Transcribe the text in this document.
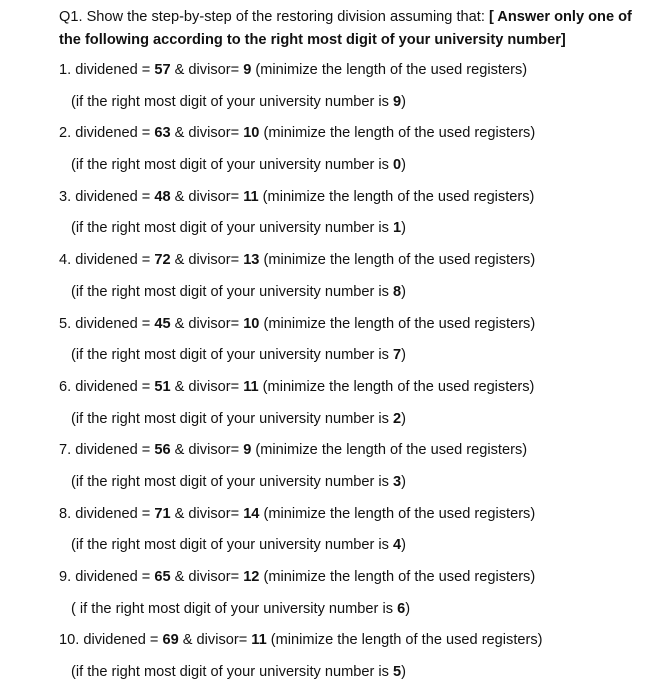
Q1. Show the step-by-step of the restoring division assuming that: [ Answer only one of the following according to the right most digit of your university number]

1. dividened = 57 & divisor= 9 (minimize the length of the used registers)
(if the right most digit of your university number is 9)
2. dividened = 63 & divisor= 10 (minimize the length of the used registers)
(if the right most digit of your university number is 0)
3. dividened = 48 & divisor= 11 (minimize the length of the used registers)
(if the right most digit of your university number is 1)
4. dividened = 72 & divisor= 13 (minimize the length of the used registers)
(if the right most digit of your university number is 8)
5. dividened = 45 & divisor= 10 (minimize the length of the used registers)
(if the right most digit of your university number is 7)
6. dividened = 51 & divisor= 11 (minimize the length of the used registers)
(if the right most digit of your university number is 2)
7. dividened = 56 & divisor= 9 (minimize the length of the used registers)
(if the right most digit of your university number is 3)
8. dividened = 71 & divisor= 14 (minimize the length of the used registers)
(if the right most digit of your university number is 4)
9. dividened = 65 & divisor= 12 (minimize the length of the used registers)
( if the right most digit of your university number is 6)
10. dividened = 69 & divisor= 11 (minimize the length of the used registers)
(if the right most digit of your university number is 5)
